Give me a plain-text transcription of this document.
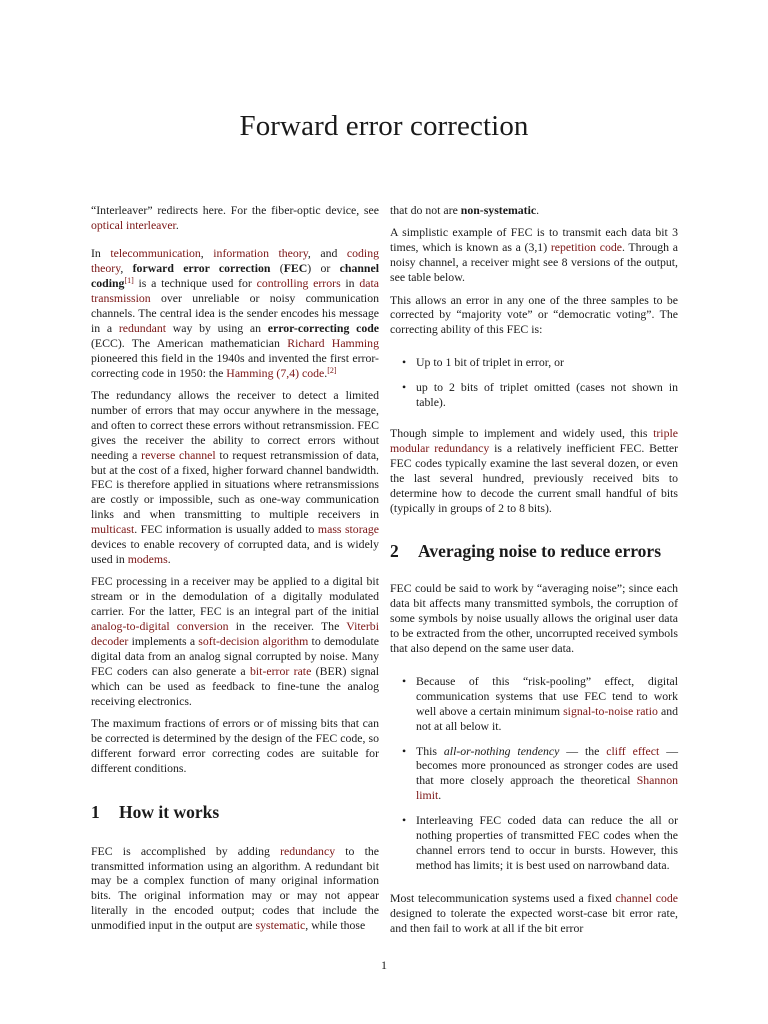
Forward error correction

“Interleaver” redirects here. For the fiber-optic device, see optical interleaver.

In telecommunication, information theory, and coding theory, forward error correction (FEC) or channel coding[1] is a technique used for controlling errors in data transmission over unreliable or noisy communication channels. The central idea is the sender encodes his message in a redundant way by using an error-correcting code (ECC). The American mathematician Richard Hamming pioneered this field in the 1940s and invented the first error-correcting code in 1950: the Hamming (7,4) code.[2]

The redundancy allows the receiver to detect a limited number of errors that may occur anywhere in the message, and often to correct these errors without retransmission. FEC gives the receiver the ability to correct errors without needing a reverse channel to request retransmission of data, but at the cost of a fixed, higher forward channel bandwidth. FEC is therefore applied in situations where retransmissions are costly or impossible, such as one-way communication links and when transmitting to multiple receivers in multicast. FEC information is usually added to mass storage devices to enable recovery of corrupted data, and is widely used in modems.

FEC processing in a receiver may be applied to a digital bit stream or in the demodulation of a digitally modulated carrier. For the latter, FEC is an integral part of the initial analog-to-digital conversion in the receiver. The Viterbi decoder implements a soft-decision algorithm to demodulate digital data from an analog signal corrupted by noise. Many FEC coders can also generate a bit-error rate (BER) signal which can be used as feedback to fine-tune the analog receiving electronics.

The maximum fractions of errors or of missing bits that can be corrected is determined by the design of the FEC code, so different forward error correcting codes are suitable for different conditions.

1 How it works

FEC is accomplished by adding redundancy to the transmitted information using an algorithm. A redundant bit may be a complex function of many original information bits. The original information may or may not appear literally in the encoded output; codes that include the unmodified input in the output are systematic, while those

that do not are non-systematic.

A simplistic example of FEC is to transmit each data bit 3 times, which is known as a (3,1) repetition code. Through a noisy channel, a receiver might see 8 versions of the output, see table below.

This allows an error in any one of the three samples to be corrected by “majority vote” or “democratic voting”. The correcting ability of this FEC is:

• Up to 1 bit of triplet in error, or
• up to 2 bits of triplet omitted (cases not shown in table).

Though simple to implement and widely used, this triple modular redundancy is a relatively inefficient FEC. Better FEC codes typically examine the last several dozen, or even the last several hundred, previously received bits to determine how to decode the current small handful of bits (typically in groups of 2 to 8 bits).

2 Averaging noise to reduce errors

FEC could be said to work by “averaging noise”; since each data bit affects many transmitted symbols, the corruption of some symbols by noise usually allows the original user data to be extracted from the other, uncorrupted received symbols that also depend on the same user data.

• Because of this “risk-pooling” effect, digital communication systems that use FEC tend to work well above a certain minimum signal-to-noise ratio and not at all below it.
• This all-or-nothing tendency — the cliff effect — becomes more pronounced as stronger codes are used that more closely approach the theoretical Shannon limit.
• Interleaving FEC coded data can reduce the all or nothing properties of transmitted FEC codes when the channel errors tend to occur in bursts. However, this method has limits; it is best used on narrowband data.

Most telecommunication systems used a fixed channel code designed to tolerate the expected worst-case bit error rate, and then fail to work at all if the bit error

1
